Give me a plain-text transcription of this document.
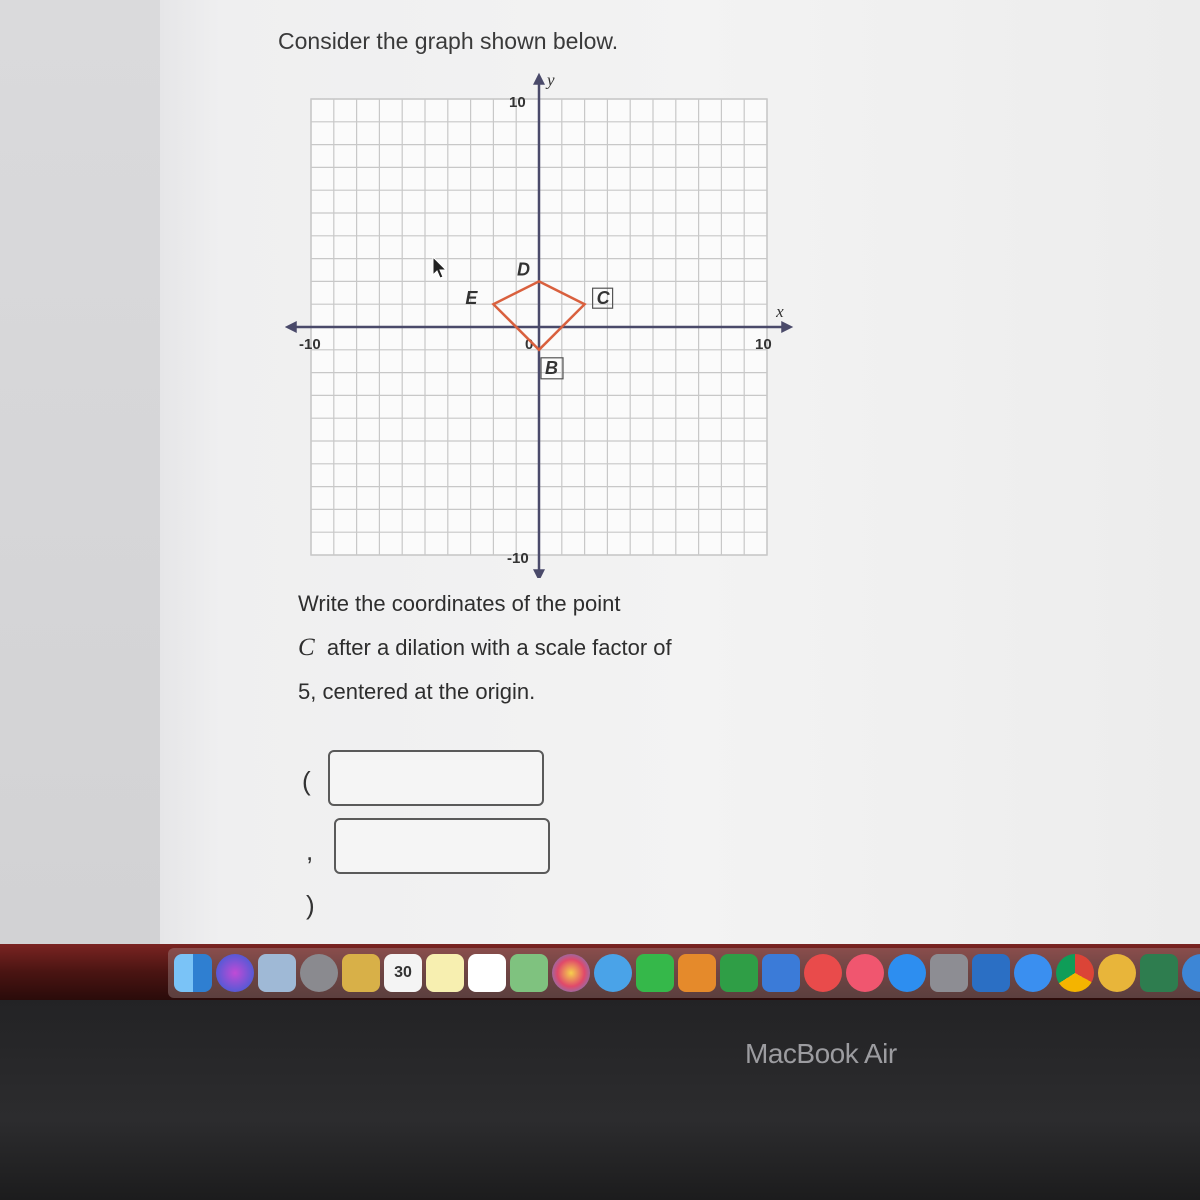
Consider the graph shown below.
-10	10
10
-10
0
x
y
D
C
B
E
Write the coordinates of the point
C after a dilation with a scale factor of
5, centered at the origin.
(
,
)
30
MacBook Air
